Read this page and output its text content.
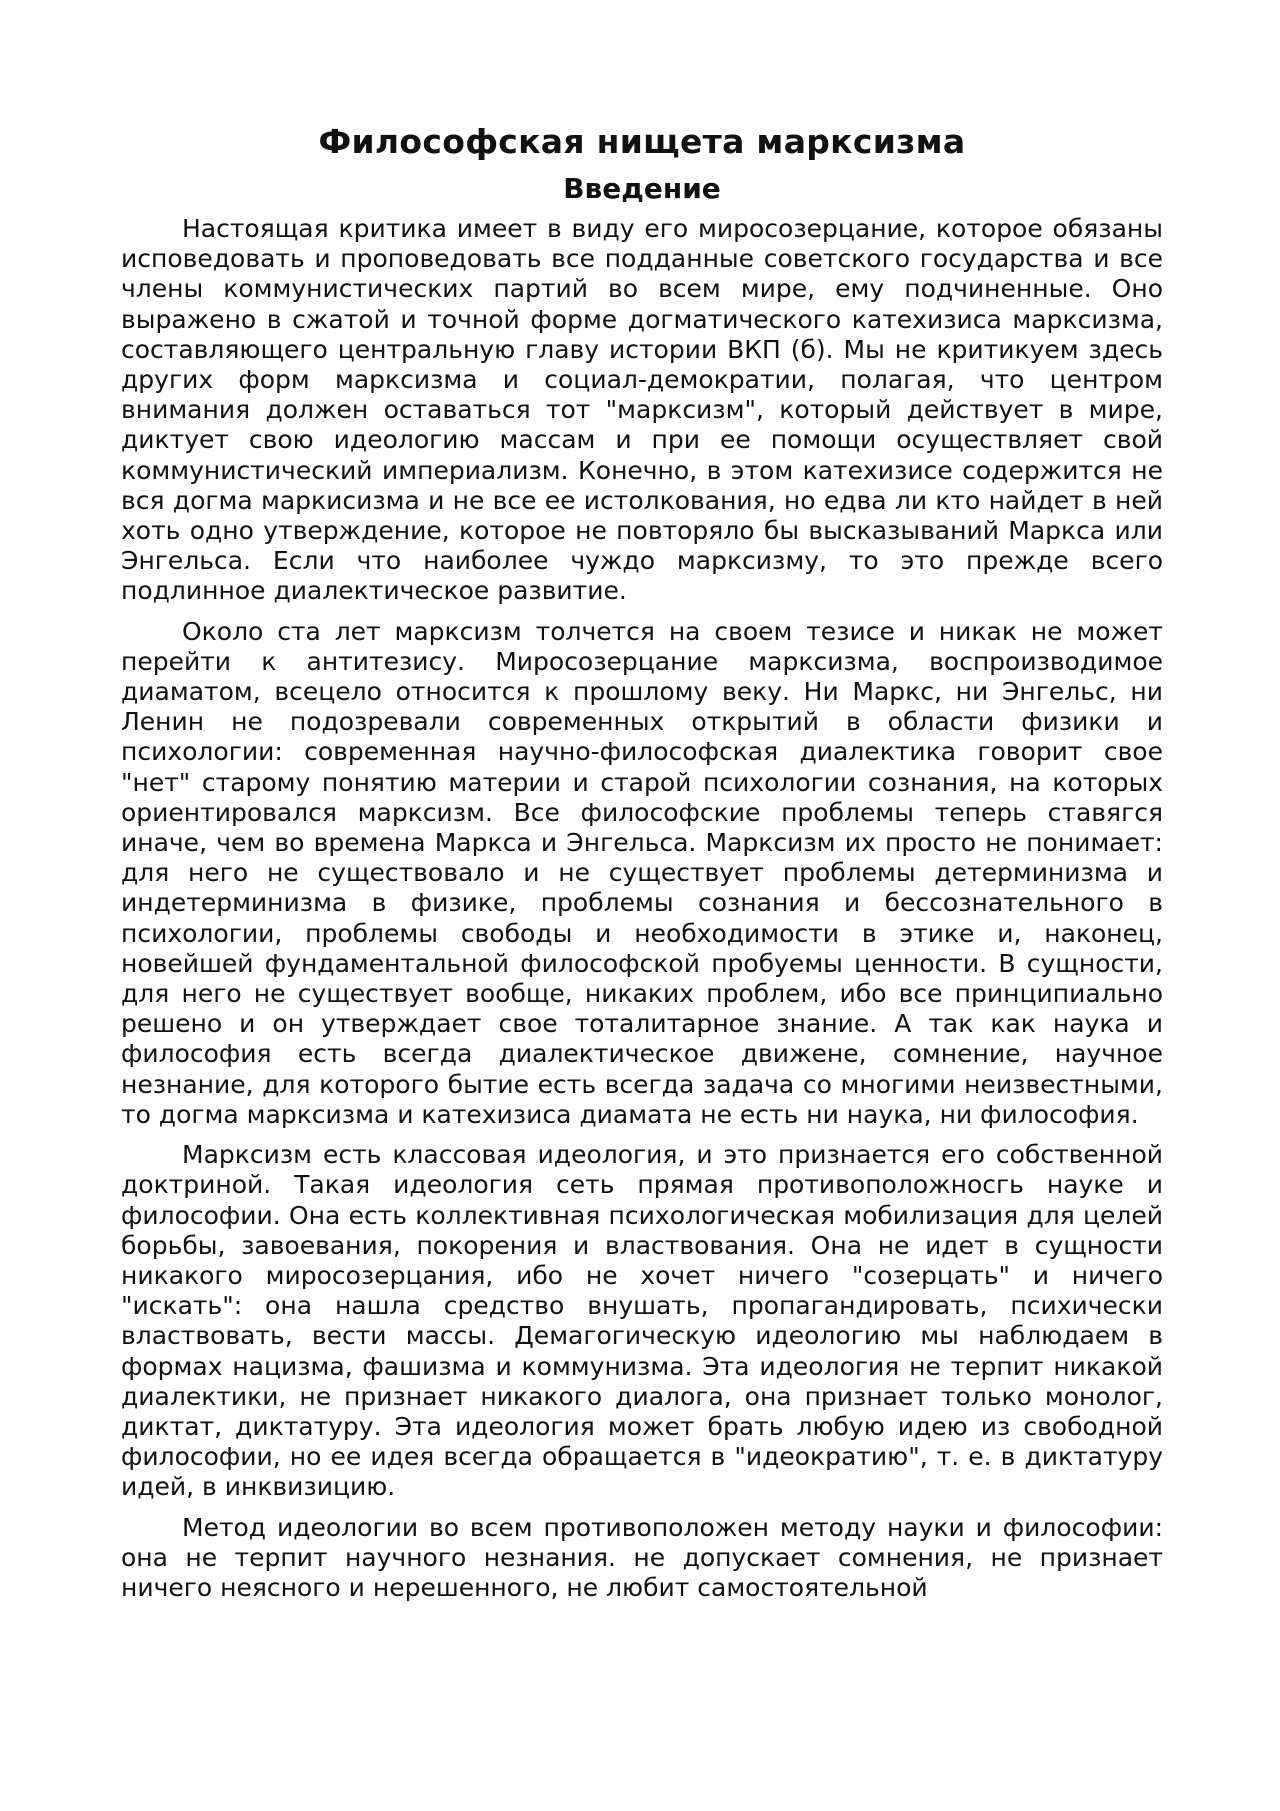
Философская нищета марксизма
Введение

Настоящая критика имеет в виду его миросозерцание, которое обязаны исповедовать и проповедовать все подданные советского государства и все члены коммунистических партий во всем мире, ему подчиненные. Оно выражено в сжатой и точной форме догматического катехизиса марксизма, составляющего центральную главу истории ВКП (б). Мы не критикуем здесь других форм марксизма и социал-демократии, полагая, что центром внимания должен оставаться тот "марксизм", который действует в мире, диктует свою идеологию массам и при ее помощи осуществляет свой коммунистический империализм. Конечно, в этом катехизисе содержится не вся догма маркисизма и не все ее истолкования, но едва ли кто найдет в ней хоть одно утверждение, которое не повторяло бы высказываний Маркса или Энгельса. Если что наиболее чуждо марксизму, то это прежде всего подлинное диалектическое развитие.

Около ста лет марксизм толчется на своем тезисе и никак не может перейти к антитезису. Миросозерцание марксизма, воспроизводимое диаматом, всецело относится к прошлому веку. Ни Маркс, ни Энгельс, ни Ленин не подозревали современных открытий в области физики и психологии: современная научно-философская диалектика говорит свое "нет" старому понятию материи и старой психологии сознания, на которых ориентировался марксизм. Все философские проблемы теперь ставягся иначе, чем во времена Маркса и Энгельса. Марксизм их просто не понимает: для него не существовало и не существует проблемы детерминизма и индетерминизма в физике, проблемы сознания и бессознательного в психологии, проблемы свободы и необходимости в этике и, наконец, новейшей фундаментальной философской пробуемы ценности. В сущности, для него не существует вообще, никаких проблем, ибо все принципиально решено и он утверждает свое тоталитарное знание. А так как наука и философия есть всегда диалектическое движене, сомнение, научное незнание, для которого бытие есть всегда задача со многими неизвестными, то догма марксизма и катехизиса диамата не есть ни наука, ни философия.

Марксизм есть классовая идеология, и это признается его собственной доктриной. Такая идеология сеть прямая противоположносгь науке и философии. Она есть коллективная психологическая мобилизация для целей борьбы, завоевания, покорения и властвования. Она не идет в сущности никакого миросозерцания, ибо не хочет ничего "созерцать" и ничего "искать": она нашла средство внушать, пропагандировать, психически властвовать, вести массы. Демагогическую идеологию мы наблюдаем в формах нацизма, фашизма и коммунизма. Эта идеология не терпит никакой диалектики, не признает никакого диалога, она признает только монолог, диктат, диктатуру. Эта идеология может брать любую идею из свободной философии, но ее идея всегда обращается в "идеократию", т. е. в диктатуру идей, в инквизицию.

Метод идеологии во всем противоположен методу науки и философии: она не терпит научного незнания. не допускает сомнения, не признает ничего неясного и нерешенного, не любит самостоятельной
